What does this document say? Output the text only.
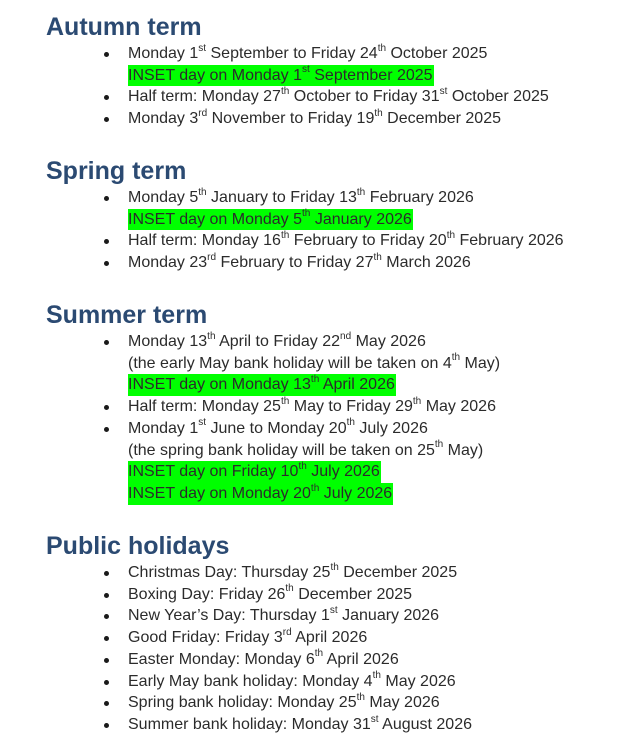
Autumn term
Monday 1st September to Friday 24th October 2025
INSET day on Monday 1st September 2025
Half term: Monday 27th October to Friday 31st October 2025
Monday 3rd November to Friday 19th December 2025
Spring term
Monday 5th January to Friday 13th February 2026
INSET day on Monday 5th January 2026
Half term: Monday 16th February to Friday 20th February 2026
Monday 23rd February to Friday 27th March 2026
Summer term
Monday 13th April to Friday 22nd May 2026
(the early May bank holiday will be taken on 4th May)
INSET day on Monday 13th April 2026
Half term: Monday 25th May to Friday 29th May 2026
Monday 1st June to Monday 20th July 2026
(the spring bank holiday will be taken on 25th May)
INSET day on Friday 10th July 2026
INSET day on Monday 20th July 2026
Public holidays
Christmas Day: Thursday 25th December 2025
Boxing Day: Friday 26th December 2025
New Year’s Day: Thursday 1st January 2026
Good Friday: Friday 3rd April 2026
Easter Monday: Monday 6th April 2026
Early May bank holiday: Monday 4th May 2026
Spring bank holiday: Monday 25th May 2026
Summer bank holiday: Monday 31st August 2026
